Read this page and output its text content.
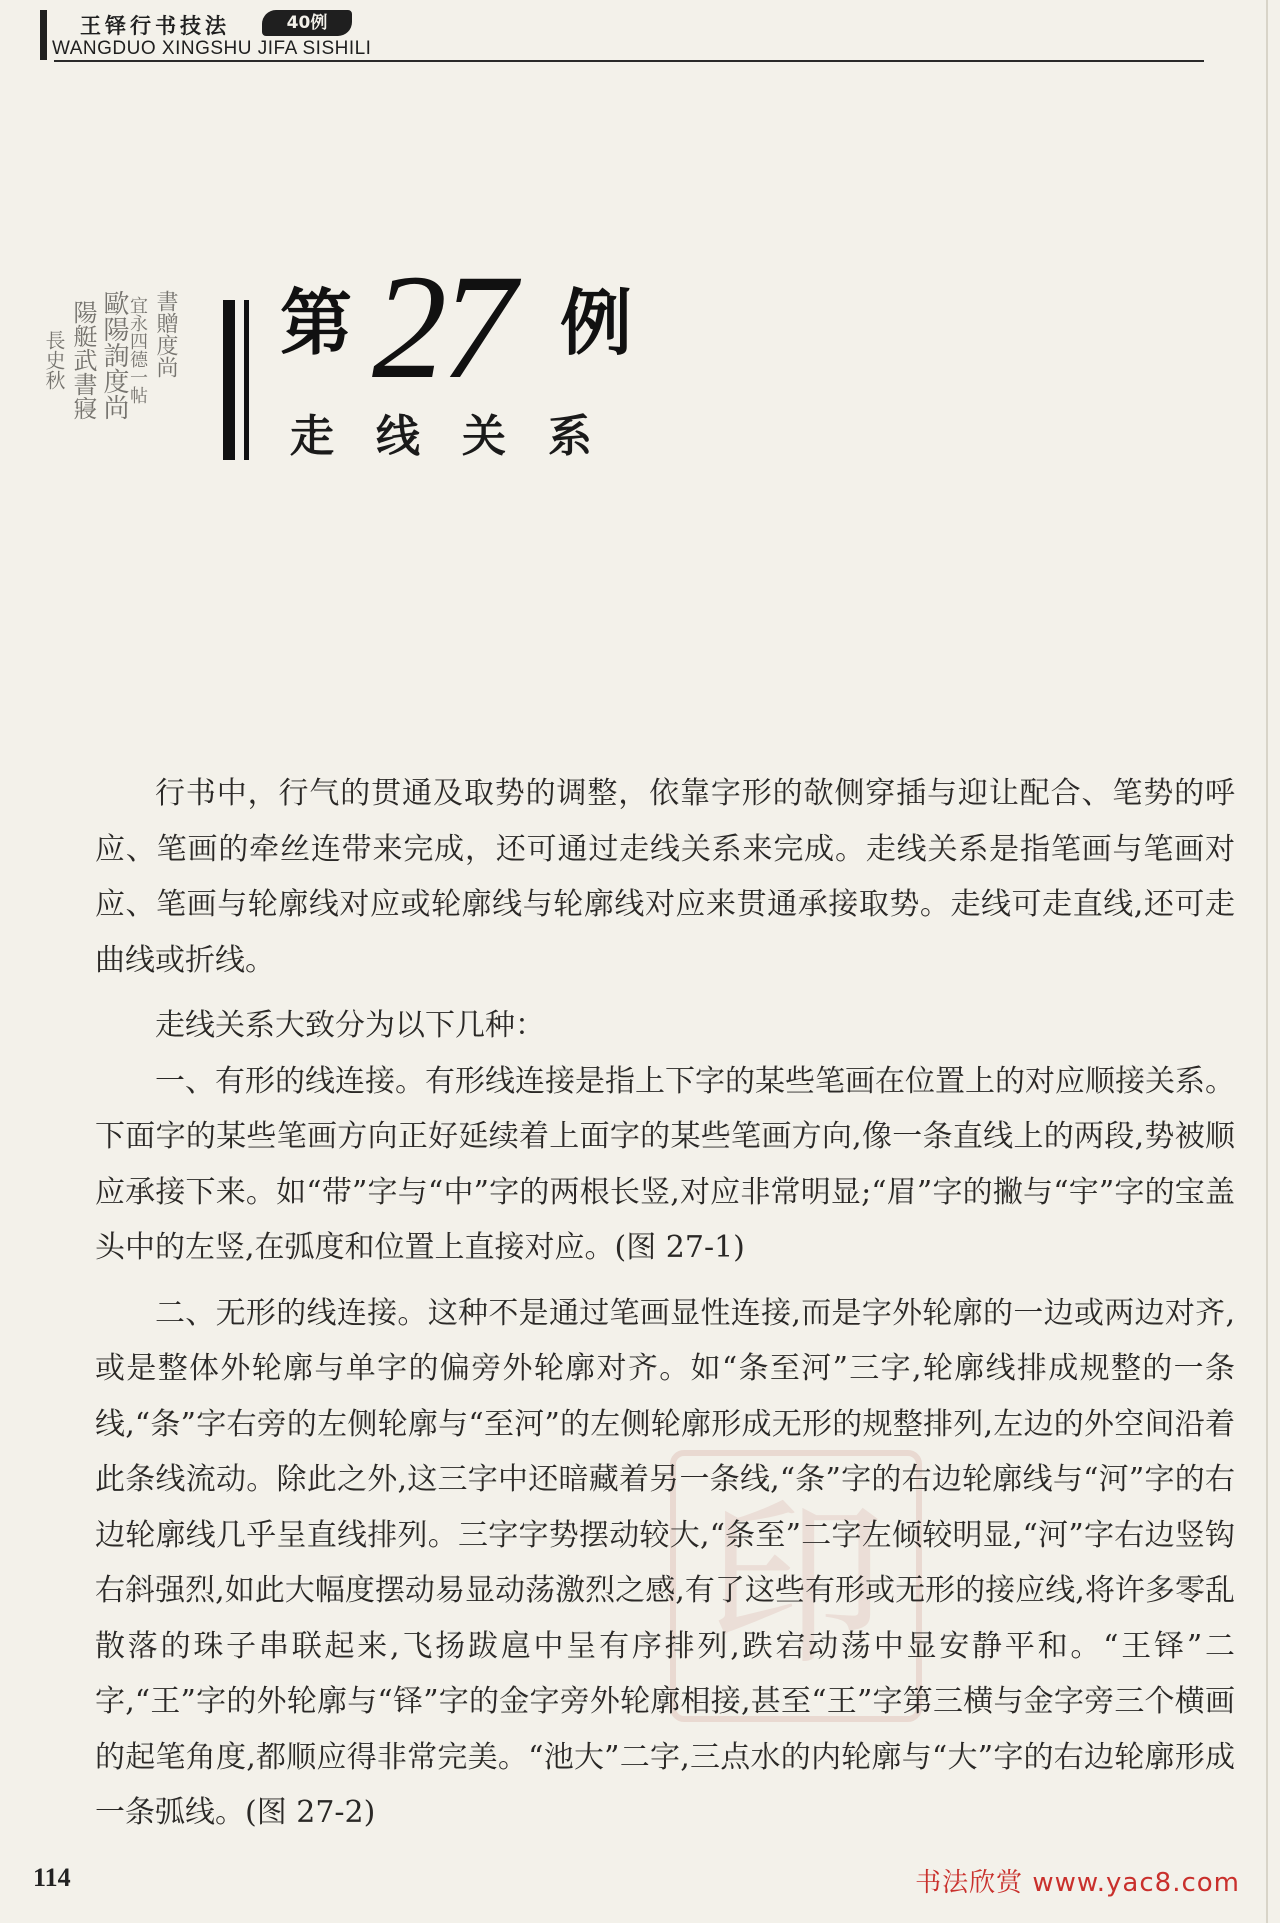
王铎行书技法	40例
WANGDUO XINGSHU JIFA SISHILI
書贈度尚
宜永四德一帖
歐陽詢度尚
陽艇武書寢
長史秋	第 27 例
走线关系
印

行书中，行气的贯通及取势的调整，依靠字形的欹侧穿插与迎让配合、笔势的呼应、笔画的牵丝连带来完成，还可通过走线关系来完成。走线关系是指笔画与笔画对应、笔画与轮廓线对应或轮廓线与轮廓线对应来贯通承接取势。走线可走直线,还可走曲线或折线。

走线关系大致分为以下几种：

一、有形的线连接。有形线连接是指上下字的某些笔画在位置上的对应顺接关系。下面字的某些笔画方向正好延续着上面字的某些笔画方向,像一条直线上的两段,势被顺应承接下来。如“带”字与“中”字的两根长竖,对应非常明显;“眉”字的撇与“宇”字的宝盖头中的左竖,在弧度和位置上直接对应。(图 27-1)

二、无形的线连接。这种不是通过笔画显性连接,而是字外轮廓的一边或两边对齐,或是整体外轮廓与单字的偏旁外轮廓对齐。如“条至河”三字,轮廓线排成规整的一条线,“条”字右旁的左侧轮廓与“至河”的左侧轮廓形成无形的规整排列,左边的外空间沿着此条线流动。除此之外,这三字中还暗藏着另一条线,“条”字的右边轮廓线与“河”字的右边轮廓线几乎呈直线排列。三字字势摆动较大,“条至”二字左倾较明显,“河”字右边竖钩右斜强烈,如此大幅度摆动易显动荡激烈之感,有了这些有形或无形的接应线,将许多零乱散落的珠子串联起来,飞扬跋扈中呈有序排列,跌宕动荡中显安静平和。“王铎”二字,“王”字的外轮廓与“铎”字的金字旁外轮廓相接,甚至“王”字第三横与金字旁三个横画的起笔角度,都顺应得非常完美。“池大”二字,三点水的内轮廓与“大”字的右边轮廓形成一条弧线。(图 27-2)

114	书法欣赏 www.yac8.com
